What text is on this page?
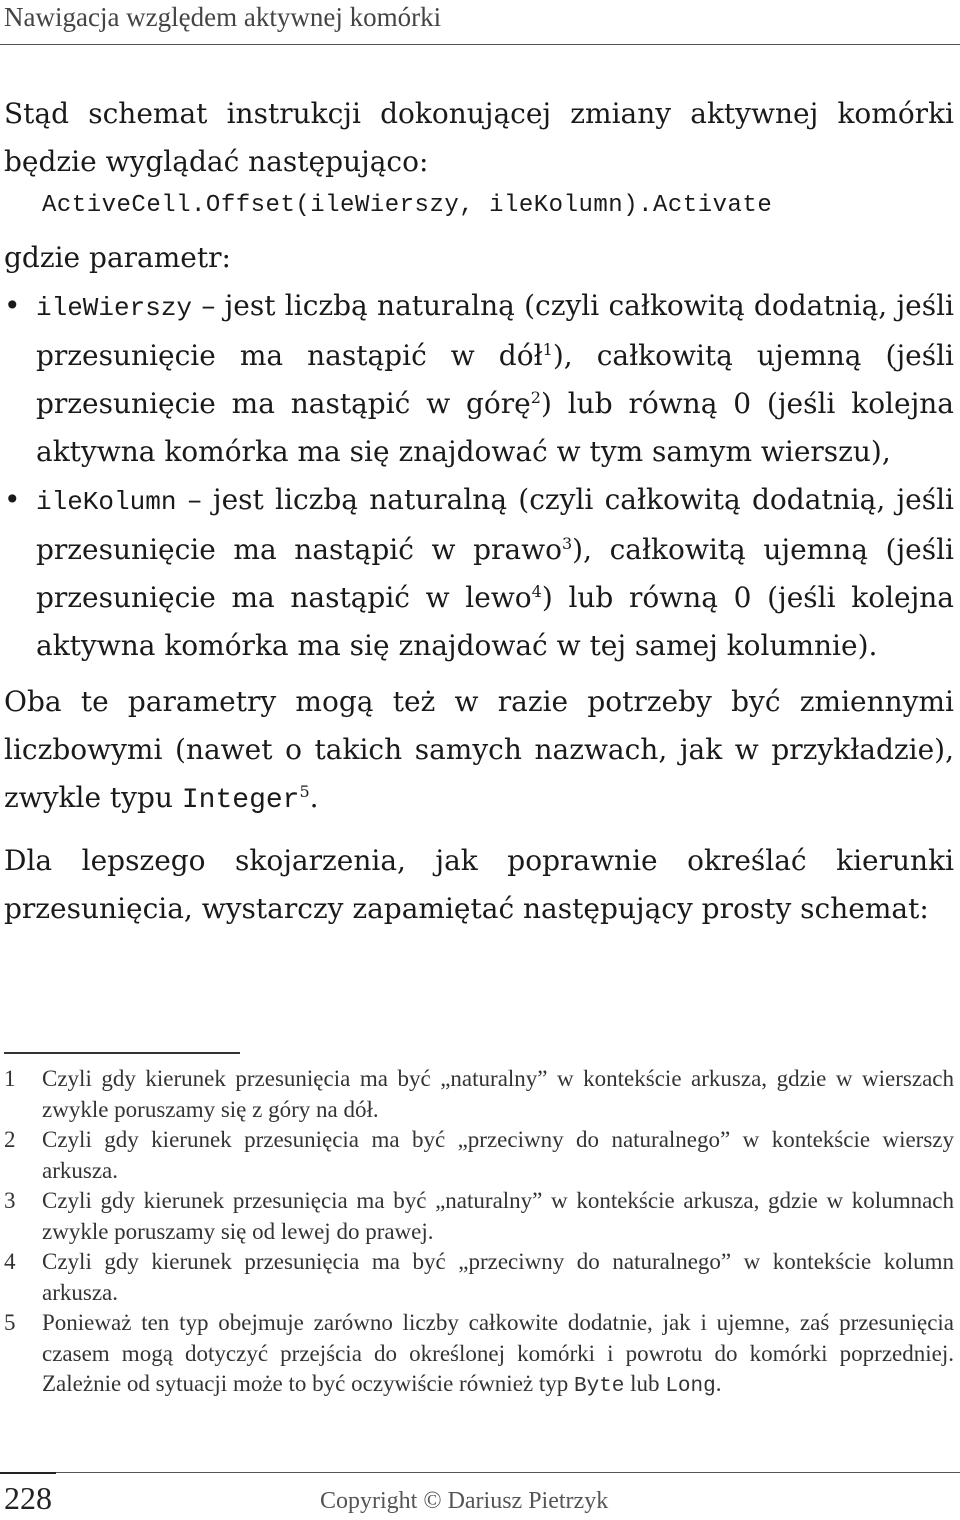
Nawigacja względem aktywnej komórki

Stąd schemat instrukcji dokonującej zmiany aktywnej komórki będzie wyglądać następująco:

ActiveCell.Offset(ileWierszy, ileKolumn).Activate

gdzie parametr:

• ileWierszy – jest liczbą naturalną (czyli całkowitą dodatnią, jeśli przesunięcie ma nastąpić w dół$^1$), całkowitą ujemną (jeśli przesunięcie ma nastąpić w górę$^2$) lub równą 0 (jeśli kolejna aktywna komórka ma się znajdować w tym samym wierszu),
• ileKolumn – jest liczbą naturalną (czyli całkowitą dodatnią, jeśli przesunięcie ma nastąpić w prawo$^3$), całkowitą ujemną (jeśli przesunięcie ma nastąpić w lewo$^4$) lub równą 0 (jeśli kolejna aktywna komórka ma się znajdować w tej samej kolumnie).

Oba te parametry mogą też w razie potrzeby być zmiennymi liczbowymi (nawet o takich samych nazwach, jak w przykładzie), zwykle typu Integer$^5$.

Dla lepszego skojarzenia, jak poprawnie określać kierunki przesunięcia, wystarczy zapamiętać następujący prosty schemat:

1 Czyli gdy kierunek przesunięcia ma być „naturalny” w kontekście arkusza, gdzie w wierszach zwykle poruszamy się z góry na dół.
2 Czyli gdy kierunek przesunięcia ma być „przeciwny do naturalnego” w kontekście wierszy arkusza.
3 Czyli gdy kierunek przesunięcia ma być „naturalny” w kontekście arkusza, gdzie w kolumnach zwykle poruszamy się od lewej do prawej.
4 Czyli gdy kierunek przesunięcia ma być „przeciwny do naturalnego” w kontekście kolumn arkusza.
5 Ponieważ ten typ obejmuje zarówno liczby całkowite dodatnie, jak i ujemne, zaś przesunięcia czasem mogą dotyczyć przejścia do określonej komórki i powrotu do komórki poprzedniej. Zależnie od sytuacji może to być oczywiście również typ Byte lub Long.
228	Copyright © Dariusz Pietrzyk
